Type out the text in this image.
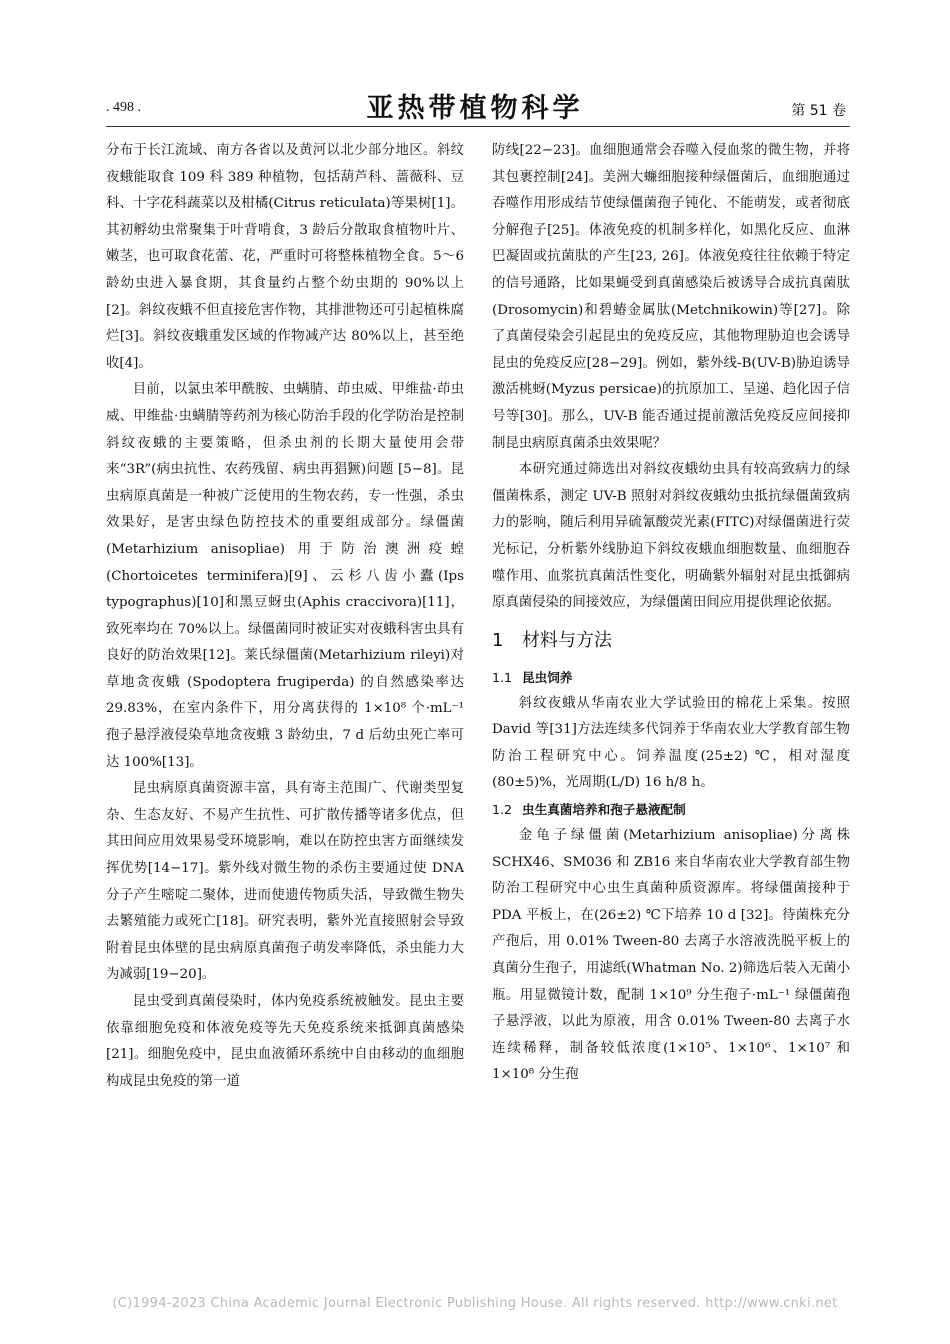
. 498 .	亚热带植物科学	第 51 卷

分布于长江流域、南方各省以及黄河以北少部分地区。斜纹夜蛾能取食 109 科 389 种植物，包括葫芦科、蔷薇科、豆科、十字花科蔬菜以及柑橘(Citrus reticulata)等果树[1]。其初孵幼虫常聚集于叶背啃食，3 龄后分散取食植物叶片、嫩茎，也可取食花蕾、花，严重时可将整株植物全食。5～6 龄幼虫进入暴食期，其食量约占整个幼虫期的 90%以上[2]。斜纹夜蛾不但直接危害作物，其排泄物还可引起植株腐烂[3]。斜纹夜蛾重发区域的作物减产达 80%以上，甚至绝收[4]。

目前，以氯虫苯甲酰胺、虫螨腈、茚虫威、甲维盐·茚虫威、甲维盐·虫螨腈等药剂为核心防治手段的化学防治是控制斜纹夜蛾的主要策略，但杀虫剂的长期大量使用会带来“3R”(病虫抗性、农药残留、病虫再猖獗)问题 [5−8]。昆虫病原真菌是一种被广泛使用的生物农药，专一性强，杀虫效果好，是害虫绿色防控技术的重要组成部分。绿僵菌(Metarhizium anisopliae) 用于防治澳洲疫蝗 (Chortoicetes terminifera)[9]、云杉八齿小蠹(Ips typographus)[10]和黑豆蚜虫(Aphis craccivora)[11]，致死率均在 70%以上。绿僵菌同时被证实对夜蛾科害虫具有良好的防治效果[12]。莱氏绿僵菌(Metarhizium rileyi)对草地贪夜蛾 (Spodoptera frugiperda) 的自然感染率达 29.83%，在室内条件下，用分离获得的 1×10⁸ 个·mL⁻¹ 孢子悬浮液侵染草地贪夜蛾 3 龄幼虫，7 d 后幼虫死亡率可达 100%[13]。

昆虫病原真菌资源丰富，具有寄主范围广、代谢类型复杂、生态友好、不易产生抗性、可扩散传播等诸多优点，但其田间应用效果易受环境影响，难以在防控虫害方面继续发挥优势[14−17]。紫外线对微生物的杀伤主要通过使 DNA 分子产生嘧啶二聚体，进而使遗传物质失活，导致微生物失去繁殖能力或死亡[18]。研究表明，紫外光直接照射会导致附着昆虫体壁的昆虫病原真菌孢子萌发率降低，杀虫能力大为减弱[19−20]。

昆虫受到真菌侵染时，体内免疫系统被触发。昆虫主要依靠细胞免疫和体液免疫等先天免疫系统来抵御真菌感染[21]。细胞免疫中，昆虫血液循环系统中自由移动的血细胞构成昆虫免疫的第一道

防线[22−23]。血细胞通常会吞噬入侵血浆的微生物，并将其包裹控制[24]。美洲大蠊细胞接种绿僵菌后，血细胞通过吞噬作用形成结节使绿僵菌孢子钝化、不能萌发，或者彻底分解孢子[25]。体液免疫的机制多样化，如黑化反应、血淋巴凝固或抗菌肽的产生[23, 26]。体液免疫往往依赖于特定的信号通路，比如果蝇受到真菌感染后被诱导合成抗真菌肽(Drosomycin)和碧蝽金属肽(Metchnikowin)等[27]。除了真菌侵染会引起昆虫的免疫反应，其他物理胁迫也会诱导昆虫的免疫反应[28−29]。例如，紫外线-B(UV-B)胁迫诱导激活桃蚜(Myzus persicae)的抗原加工、呈递、趋化因子信号等[30]。那么，UV-B 能否通过提前激活免疫反应间接抑制昆虫病原真菌杀虫效果呢？

本研究通过筛选出对斜纹夜蛾幼虫具有较高致病力的绿僵菌株系，测定 UV-B 照射对斜纹夜蛾幼虫抵抗绿僵菌致病力的影响，随后利用异硫氰酸荧光素(FITC)对绿僵菌进行荧光标记，分析紫外线胁迫下斜纹夜蛾血细胞数量、血细胞吞噬作用、血浆抗真菌活性变化，明确紫外辐射对昆虫抵御病原真菌侵染的间接效应，为绿僵菌田间应用提供理论依据。

1 材料与方法
1.1 昆虫饲养

斜纹夜蛾从华南农业大学试验田的棉花上采集。按照 David 等[31]方法连续多代饲养于华南农业大学教育部生物防治工程研究中心。饲养温度(25±2) ℃，相对湿度(80±5)%，光周期(L/D) 16 h/8 h。

1.2 虫生真菌培养和孢子悬液配制

金龟子绿僵菌(Metarhizium anisopliae)分离株 SCHX46、SM036 和 ZB16 来自华南农业大学教育部生物防治工程研究中心虫生真菌种质资源库。将绿僵菌接种于 PDA 平板上，在(26±2) ℃下培养 10 d [32]。待菌株充分产孢后，用 0.01% Tween-80 去离子水溶液洗脱平板上的真菌分生孢子，用滤纸(Whatman No. 2)筛选后装入无菌小瓶。用显微镜计数，配制 1×10⁹ 分生孢子·mL⁻¹ 绿僵菌孢子悬浮液，以此为原液，用含 0.01% Tween-80 去离子水连续稀释，制备较低浓度(1×10⁵、1×10⁶、1×10⁷ 和 1×10⁸ 分生孢

(C)1994-2023 China Academic Journal Electronic Publishing House. All rights reserved. http://www.cnki.net
